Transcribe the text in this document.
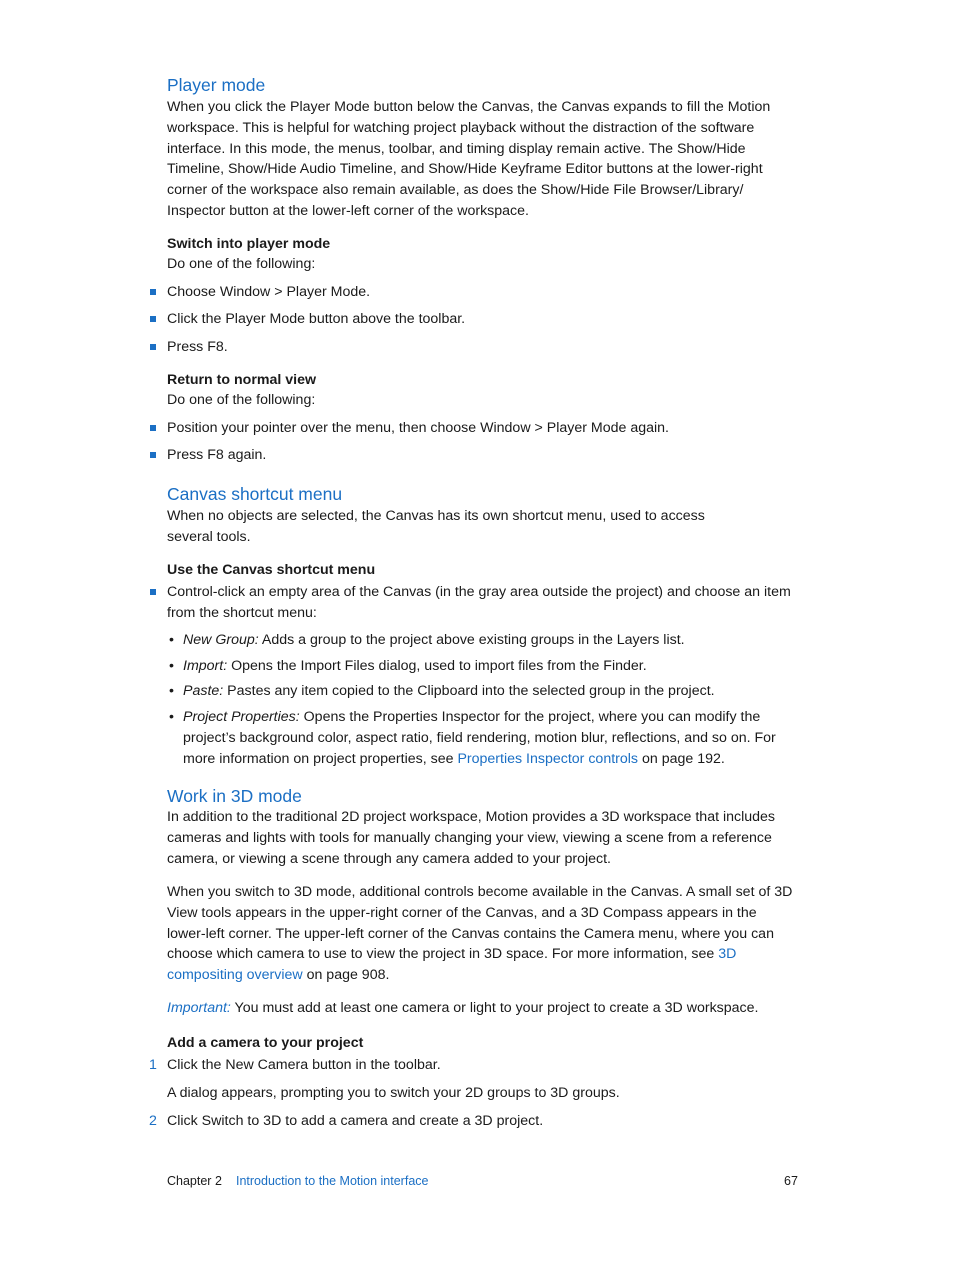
Player mode

When you click the Player Mode button below the Canvas, the Canvas expands to fill the Motion workspace. This is helpful for watching project playback without the distraction of the software interface. In this mode, the menus, toolbar, and timing display remain active. The Show/Hide Timeline, Show/Hide Audio Timeline, and Show/Hide Keyframe Editor buttons at the lower-right corner of the workspace also remain available, as does the Show/Hide File Browser/Library/ Inspector button at the lower-left corner of the workspace.

Switch into player mode
Do one of the following:
Choose Window > Player Mode.
Click the Player Mode button above the toolbar.
Press F8.
Return to normal view
Do one of the following:
Position your pointer over the menu, then choose Window > Player Mode again.
Press F8 again.
Canvas shortcut menu
When no objects are selected, the Canvas has its own shortcut menu, used to access
several tools.
Use the Canvas shortcut menu
Control-click an empty area of the Canvas (in the gray area outside the project) and choose an item from the shortcut menu:
• New Group: Adds a group to the project above existing groups in the Layers list.
• Import: Opens the Import Files dialog, used to import files from the Finder.
• Paste: Pastes any item copied to the Clipboard into the selected group in the project.
• Project Properties: Opens the Properties Inspector for the project, where you can modify the project’s background color, aspect ratio, field rendering, motion blur, reflections, and so on. For more information on project properties, see Properties Inspector controls on page 192.
Work in 3D mode

In addition to the traditional 2D project workspace, Motion provides a 3D workspace that includes cameras and lights with tools for manually changing your view, viewing a scene from a reference camera, or viewing a scene through any camera added to your project.

When you switch to 3D mode, additional controls become available in the Canvas. A small set of 3D View tools appears in the upper-right corner of the Canvas, and a 3D Compass appears in the lower-left corner. The upper-left corner of the Canvas contains the Camera menu, where you can choose which camera to use to view the project in 3D space. For more information, see 3D compositing overview on page 908.

Important: You must add at least one camera or light to your project to create a 3D workspace.

Add a camera to your project
1 Click the New Camera button in the toolbar.
A dialog appears, prompting you to switch your 2D groups to 3D groups.
2 Click Switch to 3D to add a camera and create a 3D project.
Chapter 2 Introduction to the Motion interface	67
